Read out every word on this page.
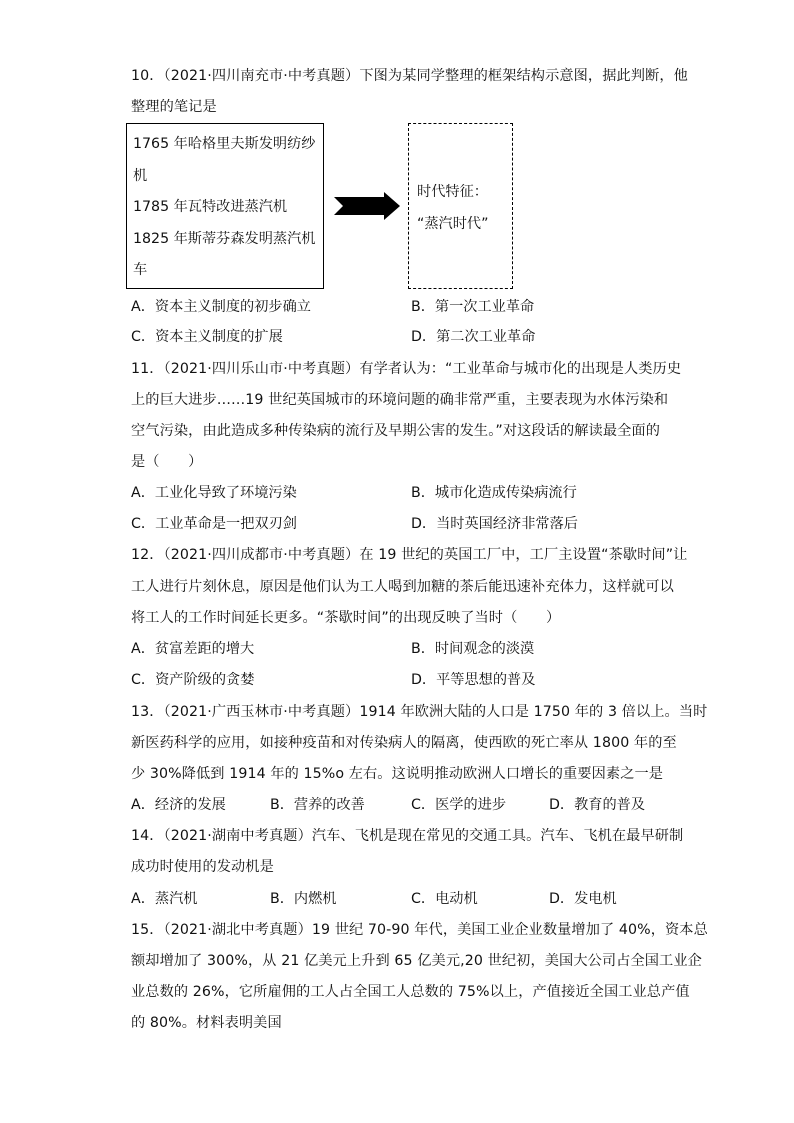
10．（2021·四川南充市·中考真题）下图为某同学整理的框架结构示意图，据此判断，他
整理的笔记是
1765 年哈格里夫斯发明纺纱
机
1785 年瓦特改进蒸汽机
1825 年斯蒂芬森发明蒸汽机
车
时代特征：
“蒸汽时代”
A．资本主义制度的初步确立	B．第一次工业革命
C．资本主义制度的扩展	D．第二次工业革命
11．（2021·四川乐山市·中考真题）有学者认为：“工业革命与城市化的出现是人类历史
上的巨大进步……19 世纪英国城市的环境问题的确非常严重，主要表现为水体污染和
空气污染，由此造成多种传染病的流行及早期公害的发生。”对这段话的解读最全面的
是（　　）
A．工业化导致了环境污染	B．城市化造成传染病流行
C．工业革命是一把双刃剑	D．当时英国经济非常落后
12．（2021·四川成都市·中考真题）在 19 世纪的英国工厂中，工厂主设置“茶歇时间”让
工人进行片刻休息，原因是他们认为工人喝到加糖的茶后能迅速补充体力，这样就可以
将工人的工作时间延长更多。“茶歇时间”的出现反映了当时（　　）
A．贫富差距的增大	B．时间观念的淡漠
C．资产阶级的贪婪	D．平等思想的普及
13．（2021·广西玉林市·中考真题）1914 年欧洲大陆的人口是 1750 年的 3 倍以上。当时
新医药科学的应用，如接种疫苗和对传染病人的隔离，使西欧的死亡率从 1800 年的至
少 30%降低到 1914 年的 15%o 左右。这说明推动欧洲人口增长的重要因素之一是
A．经济的发展	B．营养的改善	C．医学的进步	D．教育的普及
14．（2021·湖南中考真题）汽车、飞机是现在常见的交通工具。汽车、飞机在最早研制
成功时使用的发动机是
A．蒸汽机	B．内燃机	C．电动机	D．发电机
15．（2021·湖北中考真题）19 世纪 70-90 年代，美国工业企业数量增加了 40%，资本总
额却增加了 300%，从 21 亿美元上升到 65 亿美元,20 世纪初，美国大公司占全国工业企
业总数的 26%，它所雇佣的工人占全国工人总数的 75%以上，产值接近全国工业总产值
的 80%。材料表明美国
